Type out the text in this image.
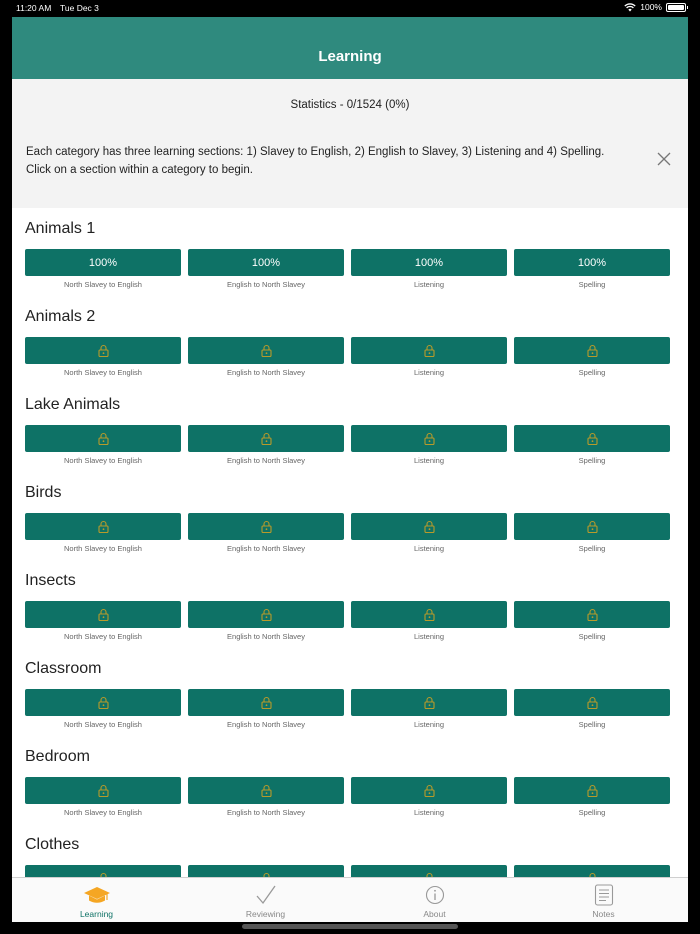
11:20 AM Tue Dec 3	100%
Learning
Statistics - 0/1524 (0%)
Each category has three learning sections: 1) Slavey to English, 2) English to Slavey, 3) Listening and 4) Spelling.
Click on a section within a category to begin.
Animals 1
100%
North Slavey to English
100%
English to North Slavey
100%
Listening
100%
Spelling
Animals 2
North Slavey to English	English to North Slavey	Listening	Spelling
Lake Animals
North Slavey to English	English to North Slavey	Listening	Spelling
Birds
North Slavey to English	English to North Slavey	Listening	Spelling
Insects
North Slavey to English	English to North Slavey	Listening	Spelling
Classroom
North Slavey to English	English to North Slavey	Listening	Spelling
Bedroom
North Slavey to English	English to North Slavey	Listening	Spelling
Clothes
Learning	Reviewing	About	Notes
